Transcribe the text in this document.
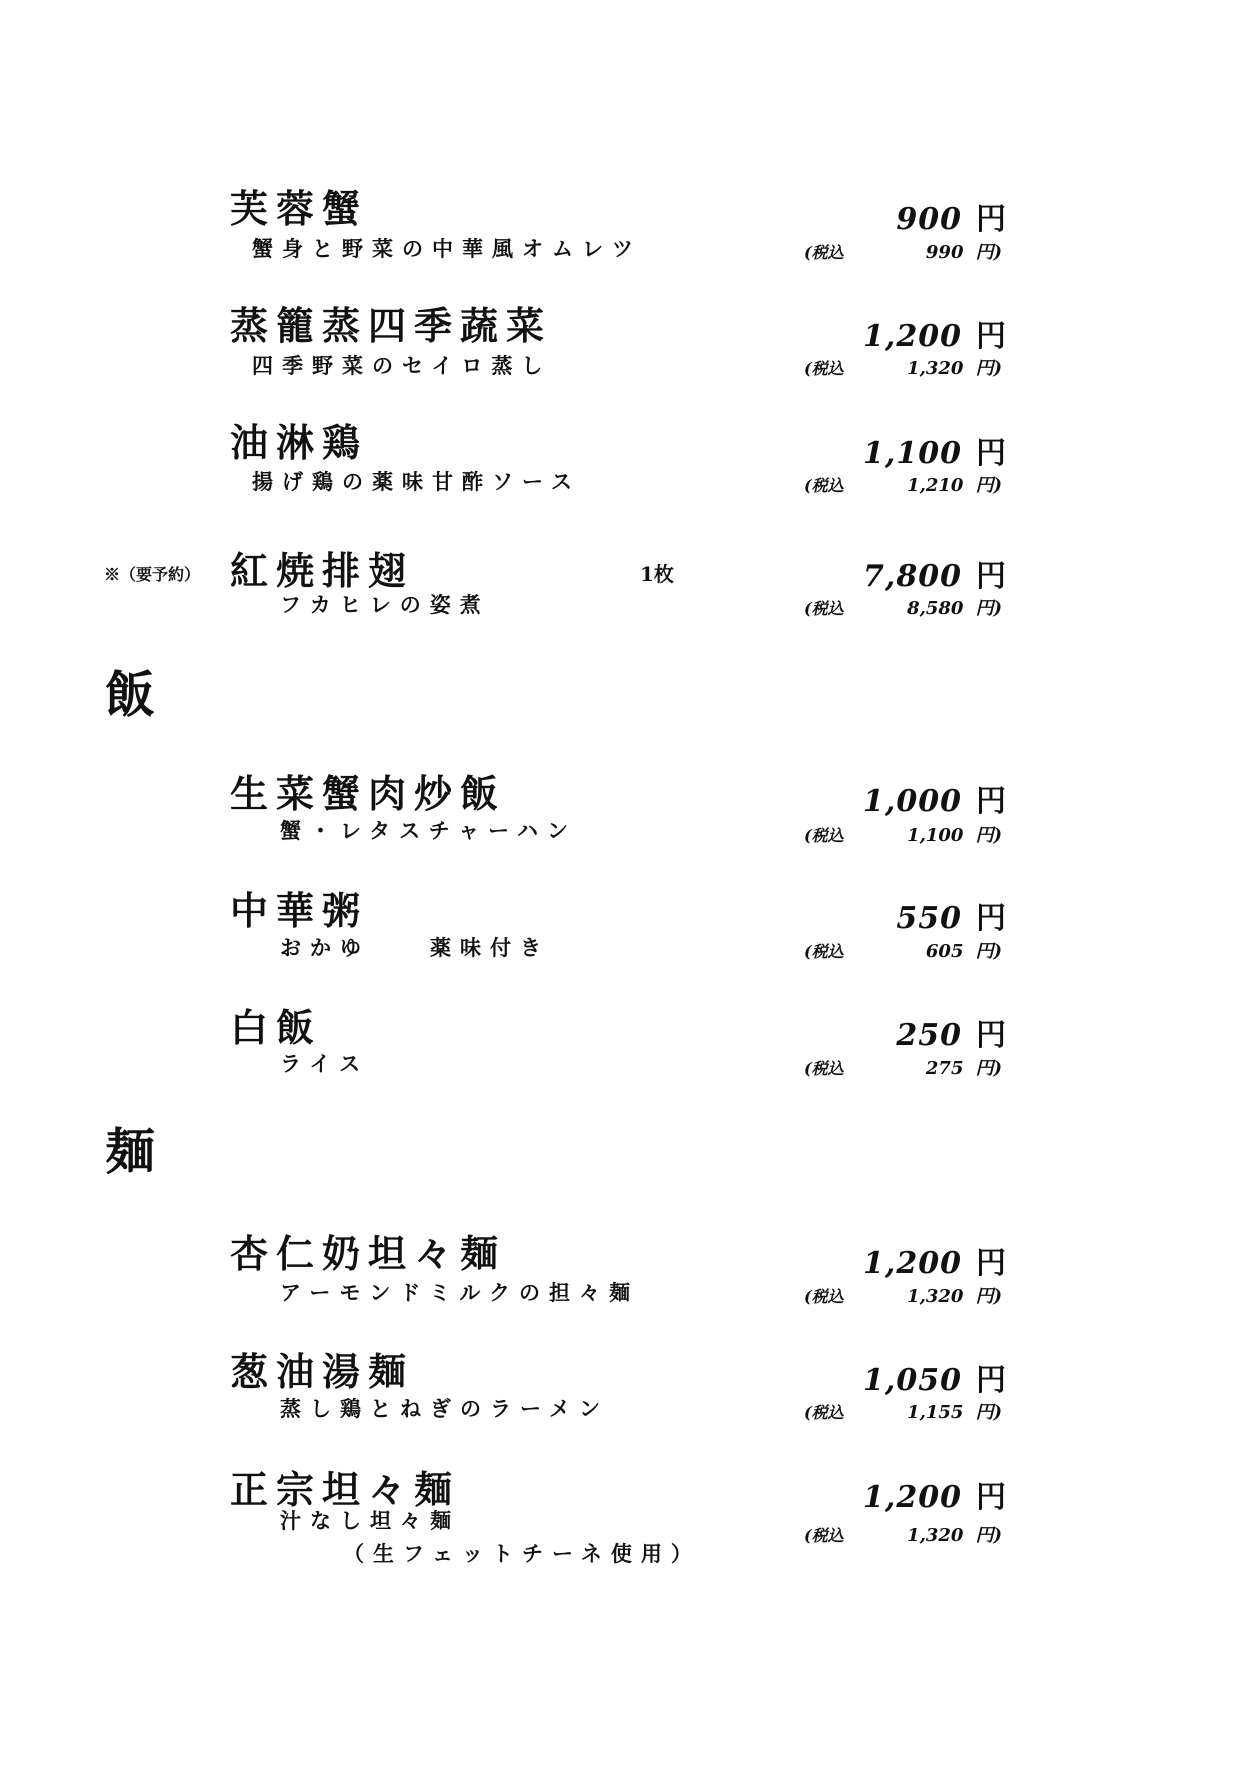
芙蓉蟹
蟹身と野菜の中華風オムレツ
900 円
(税込	990 円)
蒸籠蒸四季蔬菜
四季野菜のセイロ蒸し
1,200 円
(税込	1,320 円)
油淋鶏
揚げ鶏の薬味甘酢ソース
1,100 円
(税込	1,210 円)
※（要予約） 紅焼排翅	1枚
フカヒレの姿煮
7,800 円
(税込	8,580 円)
飯
生菜蟹肉炒飯
蟹・レタスチャーハン
1,000 円
(税込	1,100 円)
中華粥
おかゆ　　薬味付き
550 円
(税込	605 円)
白飯
ライス
250 円
(税込	275 円)
麺
杏仁奶坦々麺
アーモンドミルクの担々麺
1,200 円
(税込	1,320 円)
葱油湯麺
蒸し鶏とねぎのラーメン
1,050 円
(税込	1,155 円)
正宗坦々麺
汁なし坦々麺
（生フェットチーネ使用）
1,200 円
(税込	1,320 円)
